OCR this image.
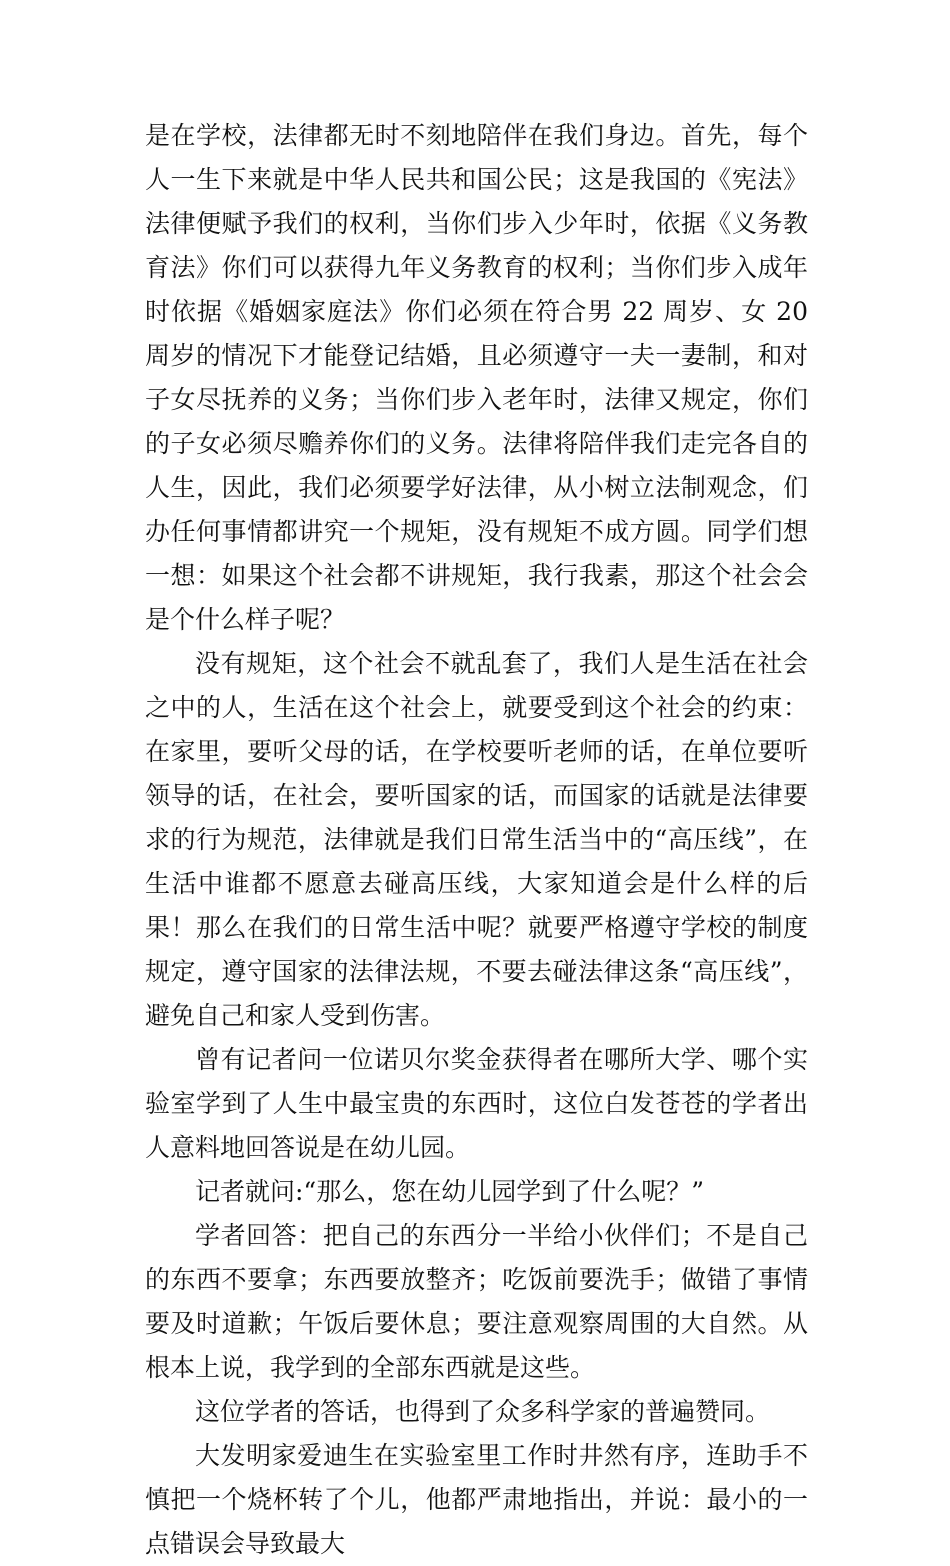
是在学校，法律都无时不刻地陪伴在我们身边。首先，每个人一生下来就是中华人民共和国公民；这是我国的《宪法》法律便赋予我们的权利，当你们步入少年时，依据《义务教育法》你们可以获得九年义务教育的权利；当你们步入成年时依据《婚姻家庭法》你们必须在符合男 22 周岁、女 20 周岁的情况下才能登记结婚，且必须遵守一夫一妻制，和对子女尽抚养的义务；当你们步入老年时，法律又规定，你们的子女必须尽赡养你们的义务。法律将陪伴我们走完各自的人生，因此，我们必须要学好法律，从小树立法制观念，们办任何事情都讲究一个规矩，没有规矩不成方圆。同学们想一想：如果这个社会都不讲规矩，我行我素，那这个社会会是个什么样子呢？

没有规矩，这个社会不就乱套了，我们人是生活在社会之中的人，生活在这个社会上，就要受到这个社会的约束：在家里，要听父母的话，在学校要听老师的话，在单位要听领导的话，在社会，要听国家的话，而国家的话就是法律要求的行为规范，法律就是我们日常生活当中的“高压线”，在生活中谁都不愿意去碰高压线，大家知道会是什么样的后果！那么在我们的日常生活中呢？就要严格遵守学校的制度规定，遵守国家的法律法规，不要去碰法律这条“高压线”，避免自己和家人受到伤害。

曾有记者问一位诺贝尔奖金获得者在哪所大学、哪个实验室学到了人生中最宝贵的东西时，这位白发苍苍的学者出人意料地回答说是在幼儿园。

记者就问:“那么，您在幼儿园学到了什么呢？”

学者回答：把自己的东西分一半给小伙伴们；不是自己的东西不要拿；东西要放整齐；吃饭前要洗手；做错了事情要及时道歉；午饭后要休息；要注意观察周围的大自然。从根本上说，我学到的全部东西就是这些。

这位学者的答话，也得到了众多科学家的普遍赞同。

大发明家爱迪生在实验室里工作时井然有序，连助手不慎把一个烧杯转了个儿，他都严肃地指出，并说：最小的一点错误会导致最大
